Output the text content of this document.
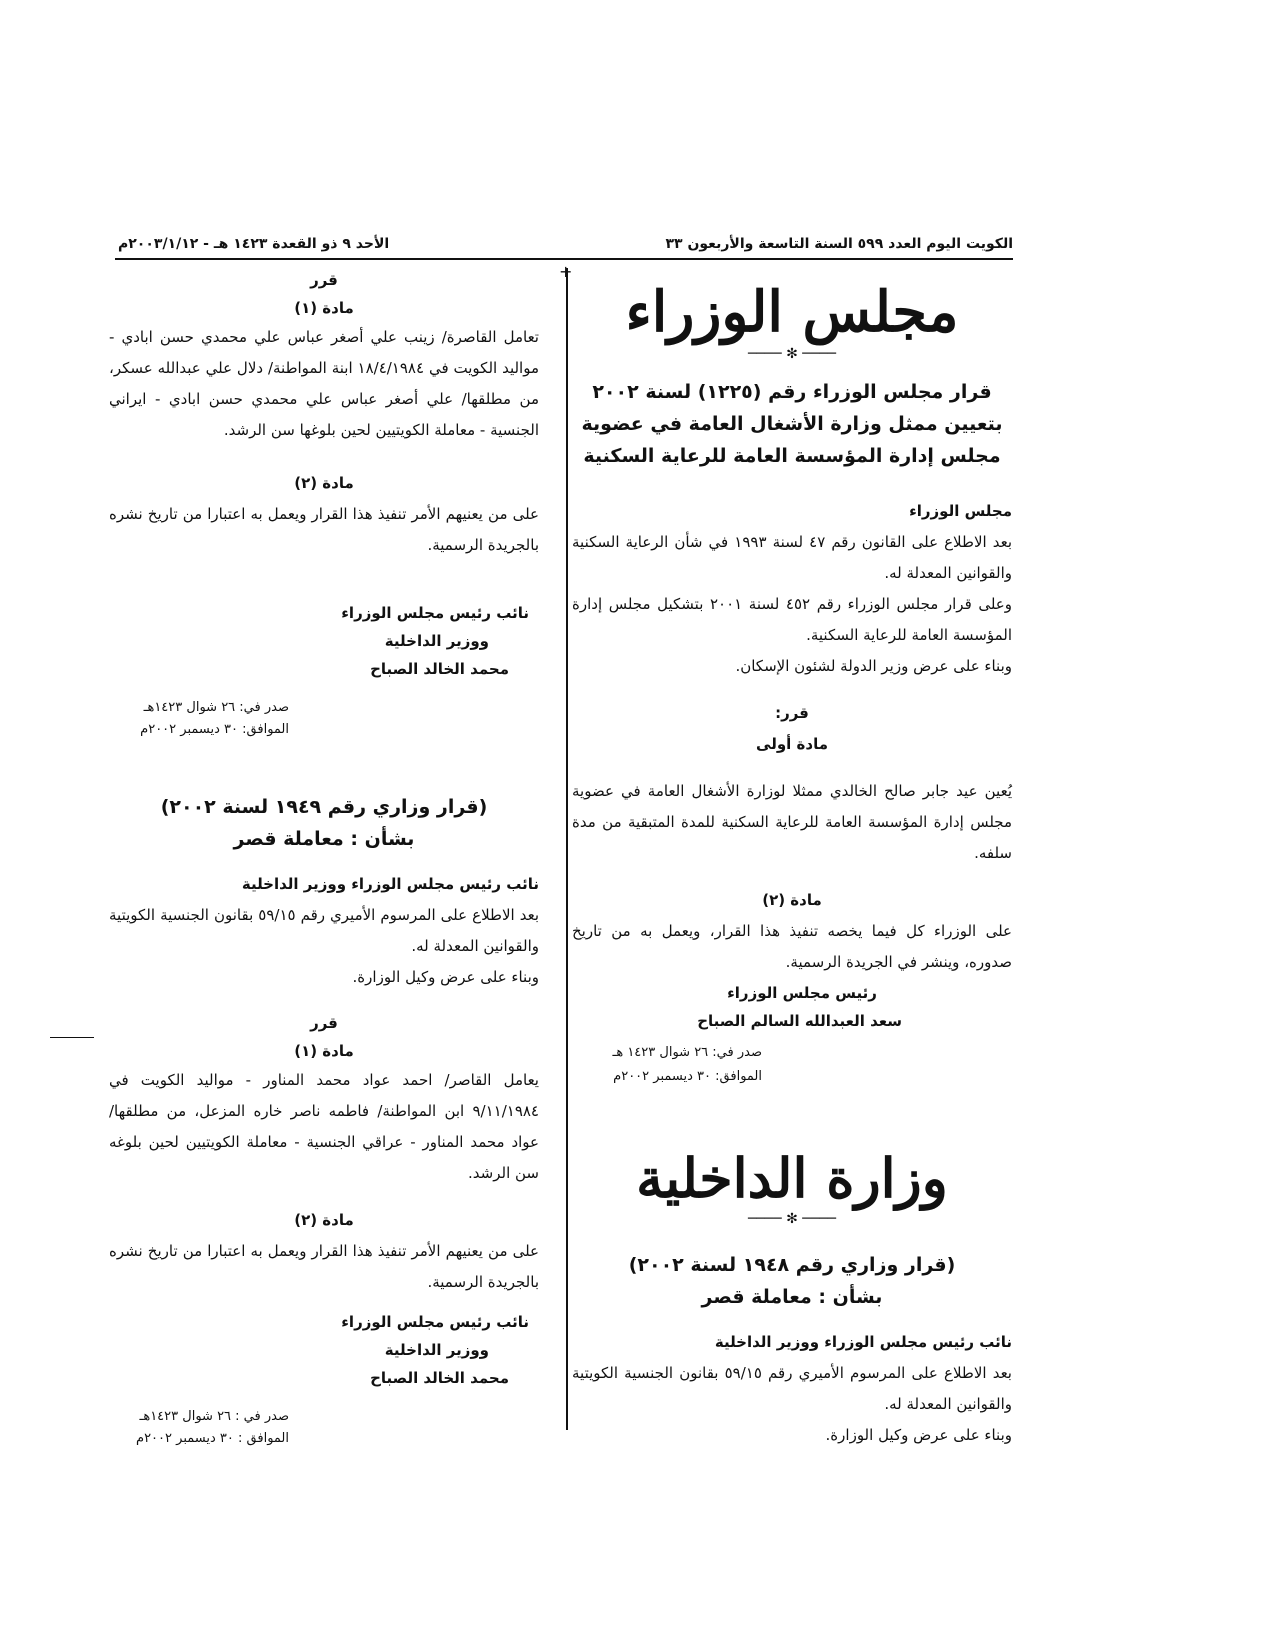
الكويت اليوم العدد ٥٩٩ السنة التاسعة والأربعون ٣٣
الأحد ٩ ذو القعدة ١٤٢٣ هـ - ٢٠٠٣/١/١٢م
+
مجلس الوزراء
──── ✻ ────

قرار مجلس الوزراء رقم (١٢٢٥) لسنة ٢٠٠٢

بتعيين ممثل وزارة الأشغال العامة في عضوية

مجلس إدارة المؤسسة العامة للرعاية السكنية

مجلس الوزراء

بعد الاطلاع على القانون رقم ٤٧ لسنة ١٩٩٣ في شأن الرعاية السكنية والقوانين المعدلة له.

وعلى قرار مجلس الوزراء رقم ٤٥٢ لسنة ٢٠٠١ بتشكيل مجلس إدارة المؤسسة العامة للرعاية السكنية.

وبناء على عرض وزير الدولة لشئون الإسكان.

قرر:

مادة أولى

يُعين عيد جابر صالح الخالدي ممثلا لوزارة الأشغال العامة في عضوية مجلس إدارة المؤسسة العامة للرعاية السكنية للمدة المتبقية من مدة سلفه.

مادة (٢)

على الوزراء كل فيما يخصه تنفيذ هذا القرار، ويعمل به من تاريخ صدوره، وينشر في الجريدة الرسمية.

رئيس مجلس الوزراء

سعد العبدالله السالم الصباح

صدر في: ٢٦ شوال ١٤٢٣ هـ

الموافق: ٣٠ ديسمبر ٢٠٠٢م

وزارة الداخلية
──── ✻ ────

(قرار وزاري رقم ١٩٤٨ لسنة ٢٠٠٢)

بشأن : معاملة قصر

نائب رئيس مجلس الوزراء ووزير الداخلية

بعد الاطلاع على المرسوم الأميري رقم ٥٩/١٥ بقانون الجنسية الكويتية والقوانين المعدلة له.

وبناء على عرض وكيل الوزارة.

قرر

مادة (١)

تعامل القاصرة/ زينب علي أصغر عباس علي محمدي حسن ابادي - مواليد الكويت في ١٨/٤/١٩٨٤ ابنة المواطنة/ دلال علي عبدالله عسكر، من مطلقها/ علي أصغر عباس علي محمدي حسن ابادي - ايراني الجنسية - معاملة الكويتيين لحين بلوغها سن الرشد.

مادة (٢)

على من يعنيهم الأمر تنفيذ هذا القرار ويعمل به اعتبارا من تاريخ نشره بالجريدة الرسمية.

نائب رئيس مجلس الوزراء

ووزير الداخلية

محمد الخالد الصباح

صدر في: ٢٦ شوال ١٤٢٣هـ

الموافق: ٣٠ ديسمبر ٢٠٠٢م

(قرار وزاري رقم ١٩٤٩ لسنة ٢٠٠٢)

بشأن : معاملة قصر

نائب رئيس مجلس الوزراء ووزير الداخلية

بعد الاطلاع على المرسوم الأميري رقم ٥٩/١٥ بقانون الجنسية الكويتية والقوانين المعدلة له.

وبناء على عرض وكيل الوزارة.

قرر

مادة (١)

يعامل القاصر/ احمد عواد محمد المناور - مواليد الكويت في ٩/١١/١٩٨٤ ابن المواطنة/ فاطمه ناصر خاره المزعل، من مطلقها/ عواد محمد المناور - عراقي الجنسية - معاملة الكويتيين لحين بلوغه سن الرشد.

مادة (٢)

على من يعنيهم الأمر تنفيذ هذا القرار ويعمل به اعتبارا من تاريخ نشره بالجريدة الرسمية.

نائب رئيس مجلس الوزراء

ووزير الداخلية

محمد الخالد الصباح

صدر في : ٢٦ شوال ١٤٢٣هـ

الموافق : ٣٠ ديسمبر ٢٠٠٢م
